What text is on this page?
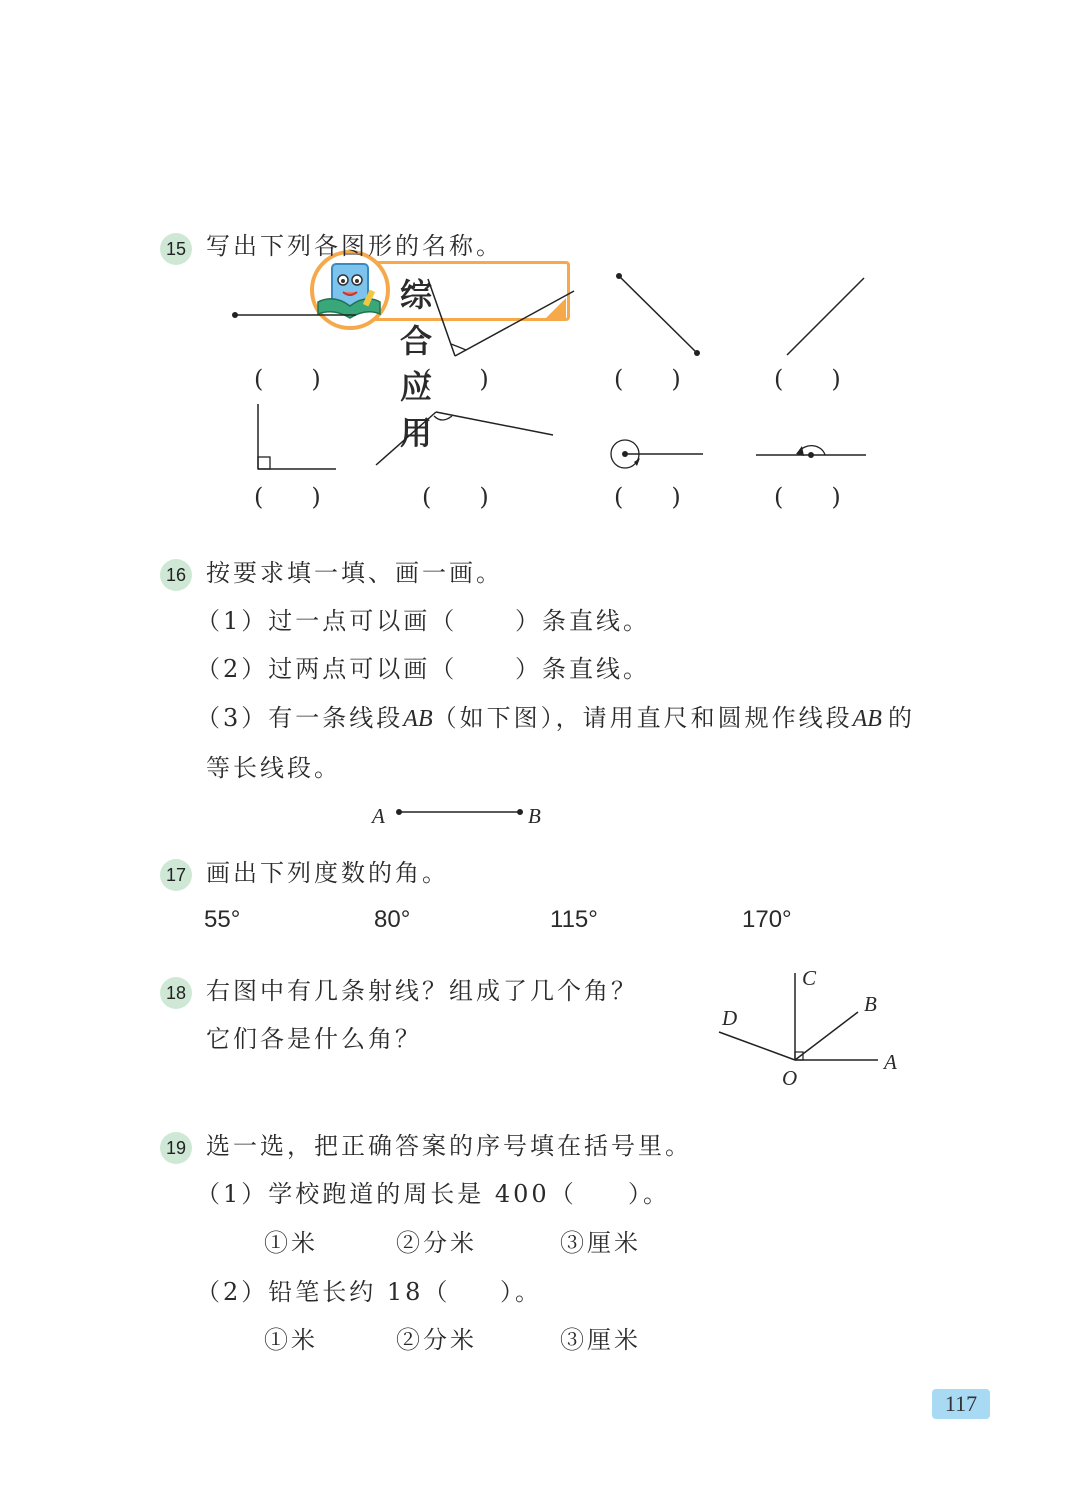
综合应用
15 写出下列各图形的名称。
(　　)	(　　)	(　　)	(　　)
(　　)	(　　)	(　　)	(　　)
16 按要求填一填、画一画。
（1）过一点可以画（ ）条直线。
（2）过两点可以画（ ）条直线。
（3）有一条线段AB（如下图），请用直尺和圆规作线段AB 的
等长线段。
A	B
17 画出下列度数的角。
55°	80°	115°	170°
18 右图中有几条射线？组成了几个角？
它们各是什么角？
C
B
D
A
O
19 选一选，把正确答案的序号填在括号里。
（1）学校跑道的周长是 400（ ）。
①米	②分米	③厘米
（2）铅笔长约 18（ ）。
①米	②分米	③厘米
117
